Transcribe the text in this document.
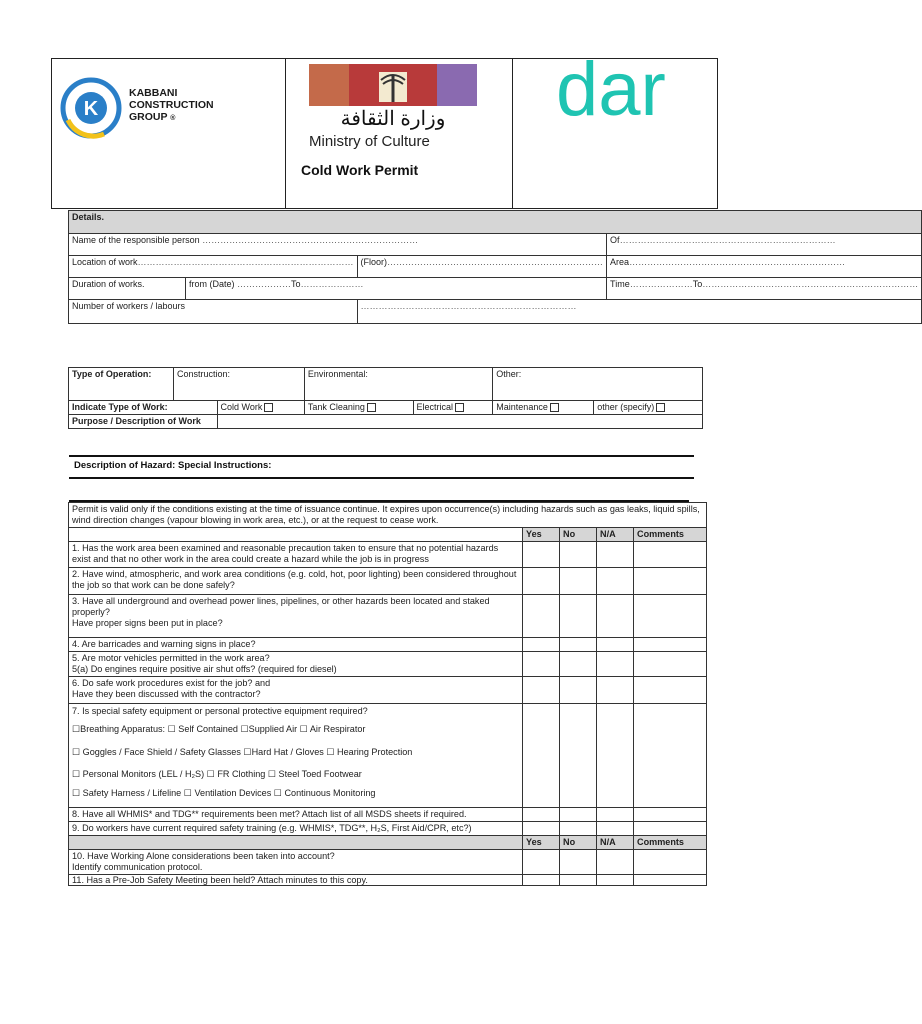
K
KABBANI
CONSTRUCTION
GROUP ®	وزارة الثقافة
Ministry of Culture
Cold Work Permit
dar
Details.			
Name of the responsible person ………………………………………………………………			Of………………………………………………………………
Location of work………………………………………………………………		(Floor)………………………………………………………………	Area………………………………………………………………
Duration of works.	from (Date) ………………To…………………		Time…………………To………………………………………………………………
Number of workers / labours		………………………………………………………………	
Type of Operation:	Construction:		Environmental:		Other:	
Indicate Type of Work:		Cold Work	Tank Cleaning	Electrical	Maintenance	other (specify)
Purpose / Description of Work						
Description of Hazard: Special Instructions:
Permit is valid only if the conditions existing at the time of issuance continue. It expires upon occurrence(s) including hazards such as gas leaks, liquid spills, wind direction changes (vapour blowing in work area, etc.), or at the request to cease work.				
	Yes	No	N/A	Comments
1. Has the work area been examined and reasonable precaution taken to ensure that no potential hazards exist and that no other work in the area could create a hazard while the job is in progress				
2. Have wind, atmospheric, and work area conditions (e.g. cold, hot, poor lighting) been considered throughout the job so that work can be done safely?				

3. Have all underground and overhead power lines, pipelines, or other hazards been located and staked properly?
Have proper signs been put in place?				

4. Are barricades and warning signs in place?				

5. Are motor vehicles permitted in the work area?
5(a) Do engines require positive air shut offs? (required for diesel)				

6. Do safe work procedures exist for the job? and
Have they been discussed with the contractor?				

7. Is special safety equipment or personal protective equipment required?
☐Breathing Apparatus: ☐ Self Contained ☐Supplied Air ☐ Air Respirator
☐ Goggles / Face Shield / Safety Glasses ☐Hard Hat / Gloves ☐ Hearing Protection
☐ Personal Monitors (LEL / H₂S) ☐ FR Clothing ☐ Steel Toed Footwear
☐ Safety Harness / Lifeline ☐ Ventilation Devices ☐ Continuous Monitoring				

8. Have all WHMIS* and TDG** requirements been met? Attach list of all MSDS sheets if required.				
9. Do workers have current required safety training (e.g. WHMIS*, TDG**, H₂S, First Aid/CPR, etc?)				
	Yes	No	N/A	Comments

10. Have Working Alone considerations been taken into account?
Identify communication protocol.				

11. Has a Pre-Job Safety Meeting been held? Attach minutes to this copy.				
